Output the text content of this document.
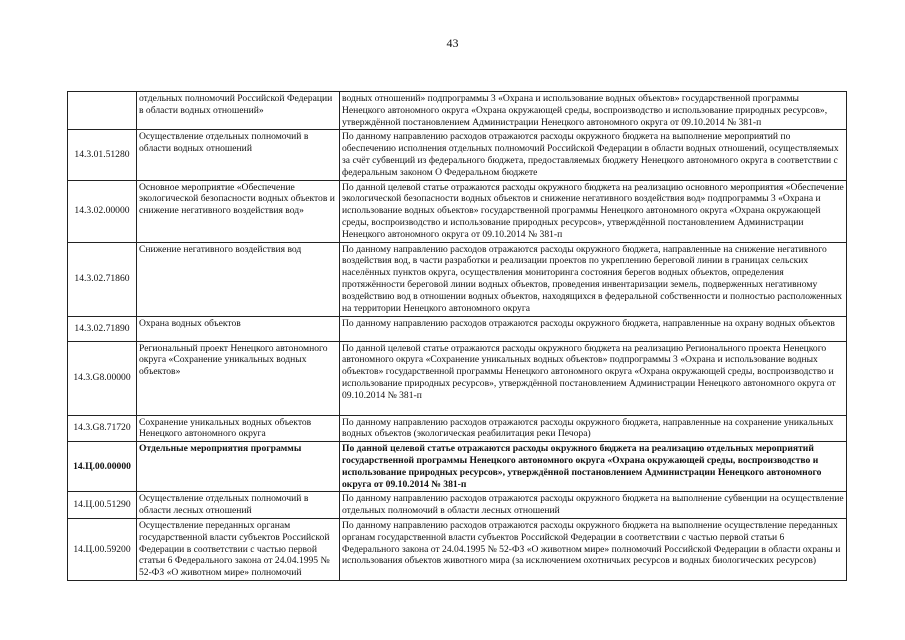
43
	отдельных полномочий Российской Федерации в области водных отношений»	водных отношений» подпрограммы 3 «Охрана и использование водных объектов» государственной программы Ненецкого автономного округа «Охрана окружающей среды, воспроизводство и использование природных ресурсов», утверждённой постановлением Администрации Ненецкого автономного округа от 09.10.2014 № 381-п
14.3.01.51280	Осуществление отдельных полномочий в области водных отношений	По данному направлению расходов отражаются расходы окружного бюджета на выполнение мероприятий по обеспечению исполнения отдельных полномочий Российской Федерации в области водных отношений, осуществляемых за счёт субвенций из федерального бюджета, предоставляемых бюджету Ненецкого автономного округа в соответствии с федеральным законом О Федеральном бюджете
14.3.02.00000	Основное мероприятие «Обеспечение экологической безопасности водных объектов и снижение негативного воздействия вод»	По данной целевой статье отражаются расходы окружного бюджета на реализацию основного мероприятия «Обеспечение экологической безопасности водных объектов и снижение негативного воздействия вод» подпрограммы 3 «Охрана и использование водных объектов» государственной программы Ненецкого автономного округа «Охрана окружающей среды, воспроизводство и использование природных ресурсов», утверждённой постановлением Администрации Ненецкого автономного округа от 09.10.2014 № 381-п
14.3.02.71860	Снижение негативного воздействия вод	По данному направлению расходов отражаются расходы окружного бюджета, направленные на снижение негативного воздействия вод, в части разработки и реализации проектов по укреплению береговой линии в границах сельских населённых пунктов округа, осуществления мониторинга состояния берегов водных объектов, определения протяжённости береговой линии водных объектов, проведения инвентаризации земель, подверженных негативному воздействию вод в отношении водных объектов, находящихся в федеральной собственности и полностью расположенных на территории Ненецкого автономного округа
14.3.02.71890	Охрана водных объектов	По данному направлению расходов отражаются расходы окружного бюджета, направленные на охрану водных объектов
14.3.G8.00000	Региональный проект Ненецкого автономного округа «Сохранение уникальных водных объектов»	По данной целевой статье отражаются расходы окружного бюджета на реализацию Регионального проекта Ненецкого автономного округа «Сохранение уникальных водных объектов» подпрограммы 3 «Охрана и использование водных объектов» государственной программы Ненецкого автономного округа «Охрана окружающей среды, воспроизводство и использование природных ресурсов», утверждённой постановлением Администрации Ненецкого автономного округа от 09.10.2014 № 381-п
14.3.G8.71720	Сохранение уникальных водных объектов Ненецкого автономного округа	По данному направлению расходов отражаются расходы окружного бюджета, направленные на сохранение уникальных водных объектов (экологическая реабилитация реки Печора)
14.Ц.00.00000	Отдельные мероприятия программы	По данной целевой статье отражаются расходы окружного бюджета на реализацию отдельных мероприятий государственной программы Ненецкого автономного округа «Охрана окружающей среды, воспроизводство и использование природных ресурсов», утверждённой постановлением Администрации Ненецкого автономного округа от 09.10.2014 № 381-п
14.Ц.00.51290	Осуществление отдельных полномочий в области лесных отношений	По данному направлению расходов отражаются расходы окружного бюджета на выполнение субвенции на осуществление отдельных полномочий в области лесных отношений
14.Ц.00.59200	Осуществление переданных органам государственной власти субъектов Российской Федерации в соответствии с частью первой статьи 6 Федерального закона от 24.04.1995 № 52-ФЗ «О животном мире» полномочий	По данному направлению расходов отражаются расходы окружного бюджета на выполнение осуществление переданных органам государственной власти субъектов Российской Федерации в соответствии с частью первой статьи 6 Федерального закона от 24.04.1995 № 52-ФЗ «О животном мире» полномочий Российской Федерации в области охраны и использования объектов животного мира (за исключением охотничьих ресурсов и водных биологических ресурсов)
